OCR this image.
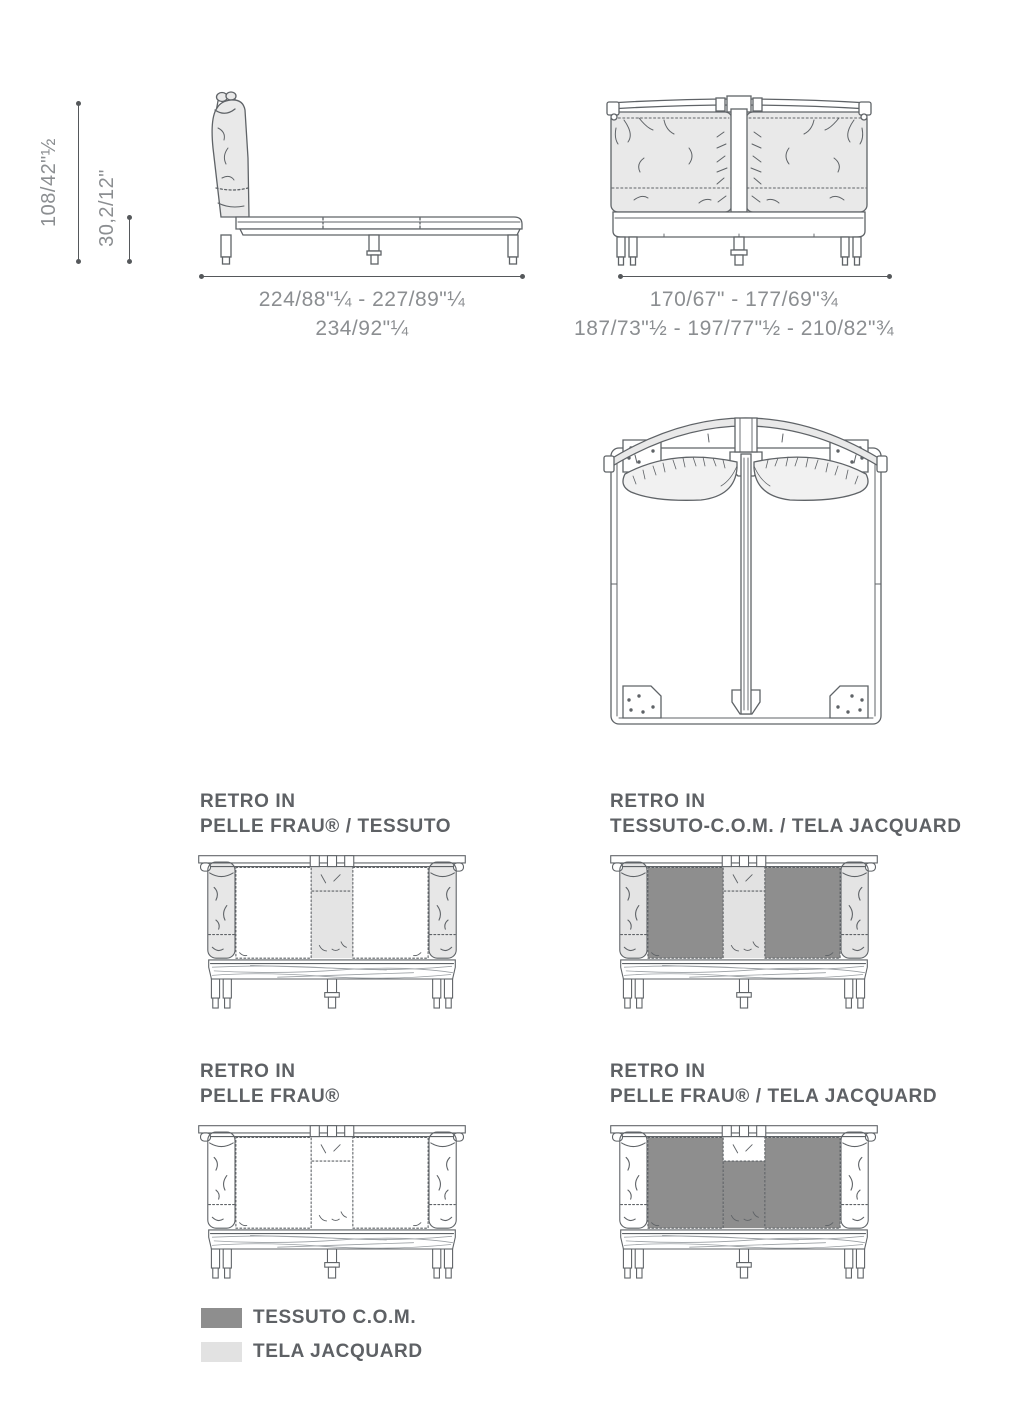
108/42"½ 30,2/12"
224/88"¼ - 227/89"¼
234/92"¼
170/67" - 177/69"¾
187/73"½ - 197/77"½ - 210/82"¾
RETRO IN
PELLE FRAU® / TESSUTO
RETRO IN
TESSUTO-C.O.M. / TELA JACQUARD
RETRO IN
PELLE FRAU®
RETRO IN
PELLE FRAU® / TELA JACQUARD
TESSUTO C.O.M.
TELA JACQUARD
